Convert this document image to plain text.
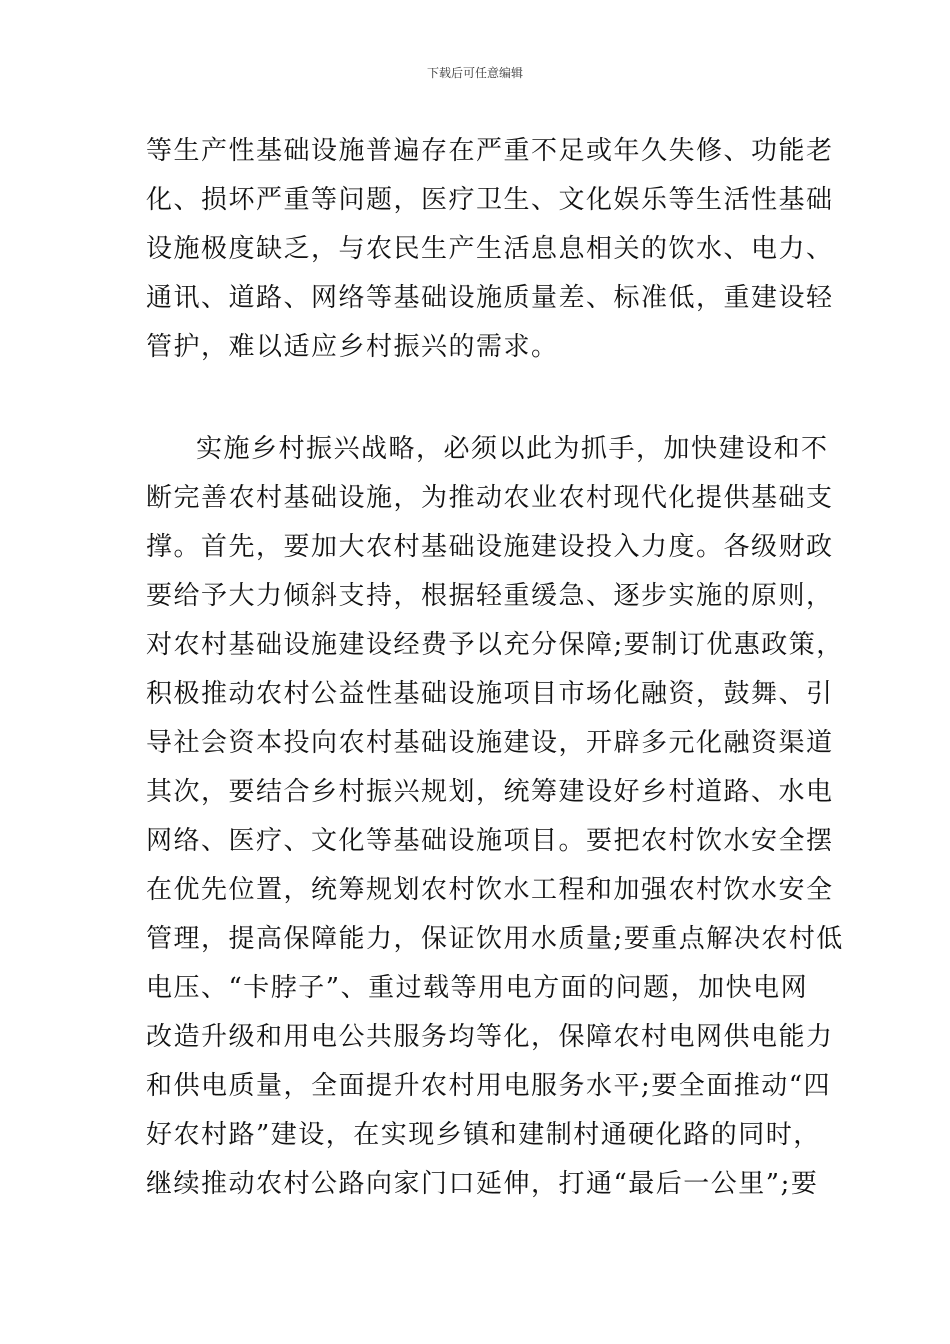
下载后可任意编辑
等生产性基础设施普遍存在严重不足或年久失修、功能老
化、损坏严重等问题，医疗卫生、文化娱乐等生活性基础
设施极度缺乏，与农民生产生活息息相关的饮水、电力、
通讯、道路、网络等基础设施质量差、标准低，重建设轻
管护，难以适应乡村振兴的需求。
实施乡村振兴战略，必须以此为抓手，加快建设和不
断完善农村基础设施，为推动农业农村现代化提供基础支
撑。首先，要加大农村基础设施建设投入力度。各级财政
要给予大力倾斜支持，根据轻重缓急、逐步实施的原则，
对农村基础设施建设经费予以充分保障;要制订优惠政策，
积极推动农村公益性基础设施项目市场化融资，鼓舞、引
导社会资本投向农村基础设施建设，开辟多元化融资渠道
其次，要结合乡村振兴规划，统筹建设好乡村道路、水电
网络、医疗、文化等基础设施项目。要把农村饮水安全摆
在优先位置，统筹规划农村饮水工程和加强农村饮水安全
管理，提高保障能力，保证饮用水质量;要重点解决农村低
电压、“卡脖子”、重过载等用电方面的问题，加快电网
改造升级和用电公共服务均等化，保障农村电网供电能力
和供电质量，全面提升农村用电服务水平;要全面推动“四
好农村路”建设，在实现乡镇和建制村通硬化路的同时，
继续推动农村公路向家门口延伸，打通“最后一公里”;要
